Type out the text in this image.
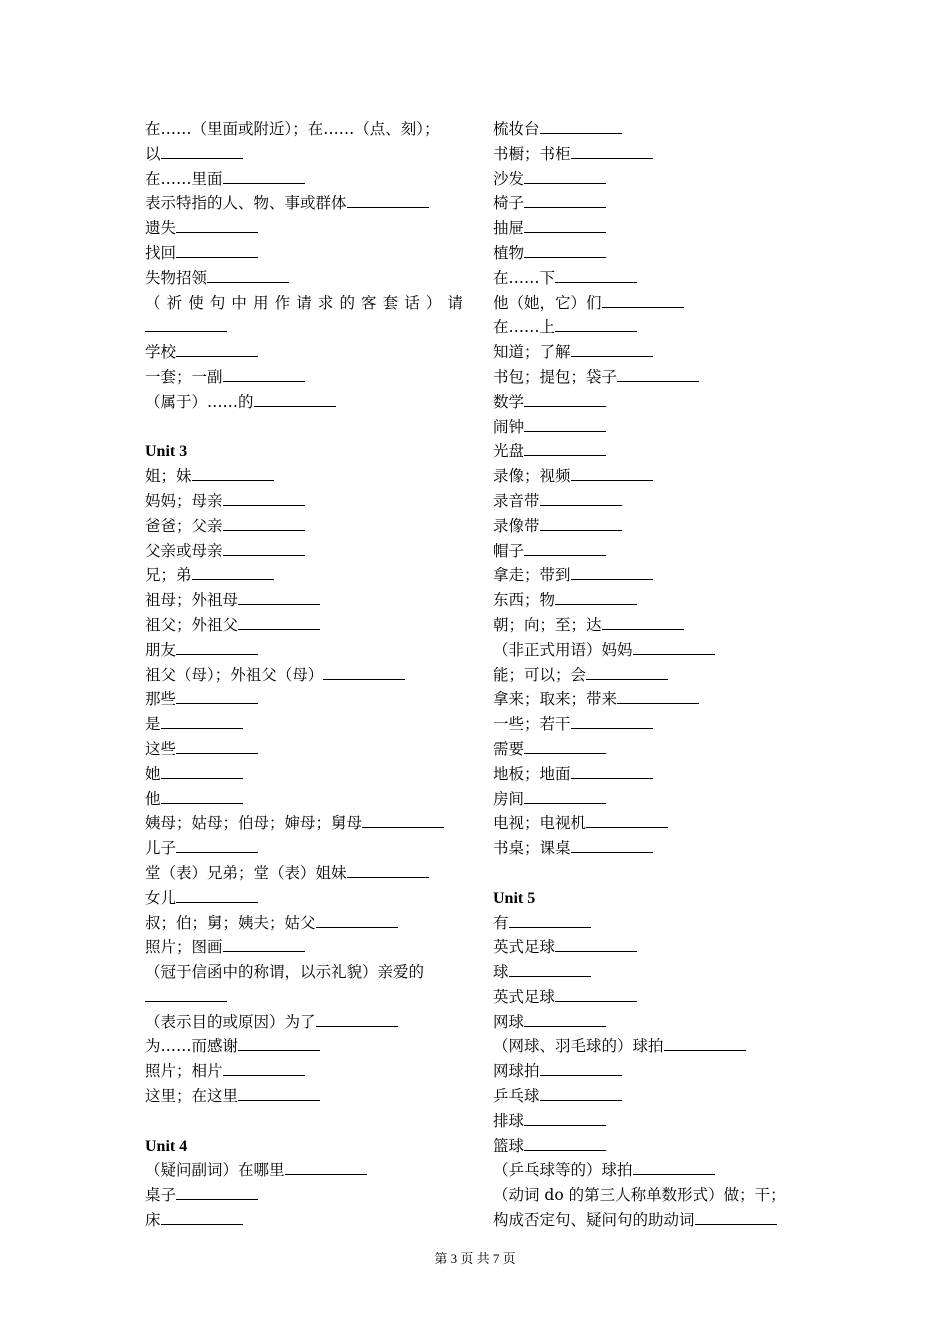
在……（里面或附近）；在……（点、刻）；
以
在……里面
表示特指的人、物、事或群体
遗失
找回
失物招领
（祈使句中用作请求的客套话）请
学校
一套；一副
（属于）……的
Unit 3
姐；妹
妈妈；母亲
爸爸；父亲
父亲或母亲
兄；弟
祖母；外祖母
祖父；外祖父
朋友
祖父（母）；外祖父（母）
那些
是
这些
她
他
姨母；姑母；伯母；婶母；舅母
儿子
堂（表）兄弟；堂（表）姐妹
女儿
叔；伯；舅；姨夫；姑父
照片；图画
（冠于信函中的称谓，以示礼貌）亲爱的
（表示目的或原因）为了
为……而感谢
照片；相片
这里；在这里
Unit 4
（疑问副词）在哪里
桌子
床
梳妆台
书橱；书柜
沙发
椅子
抽屉
植物
在……下
他（她，它）们
在……上
知道；了解
书包；提包；袋子
数学
闹钟
光盘
录像；视频
录音带
录像带
帽子
拿走；带到
东西；物
朝；向；至；达
（非正式用语）妈妈
能；可以；会
拿来；取来；带来
一些；若干
需要
地板；地面
房间
电视；电视机
书桌；课桌
Unit 5
有
英式足球
球
英式足球
网球
（网球、羽毛球的）球拍
网球拍
乒乓球
排球
篮球
（乒乓球等的）球拍
（动词 do 的第三人称单数形式）做；干；
构成否定句、疑问句的助动词
第 3 页 共 7 页
